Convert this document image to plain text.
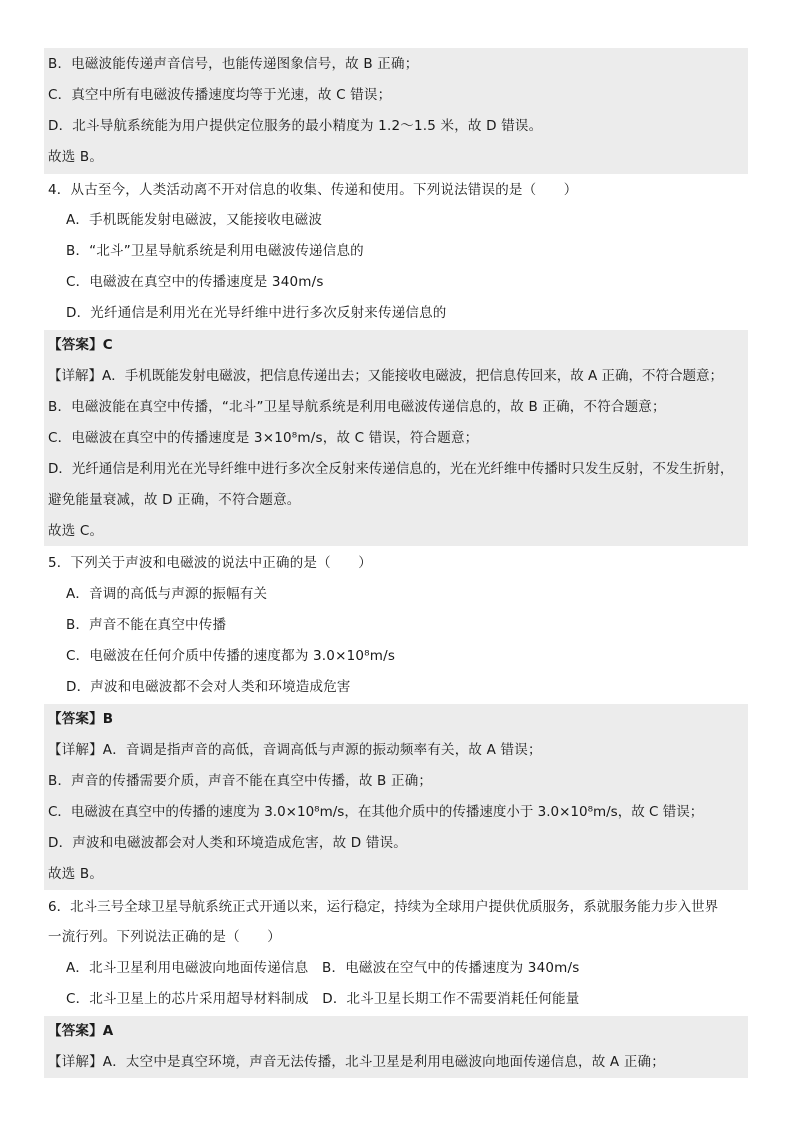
B．电磁波能传递声音信号，也能传递图象信号，故 B 正确；
C．真空中所有电磁波传播速度均等于光速，故 C 错误；
D．北斗导航系统能为用户提供定位服务的最小精度为 1.2～1.5 米，故 D 错误。
故选 B。
4．从古至今，人类活动离不开对信息的收集、传递和使用。下列说法错误的是（　　）
A．手机既能发射电磁波，又能接收电磁波
B．“北斗”卫星导航系统是利用电磁波传递信息的
C．电磁波在真空中的传播速度是 340m/s
D．光纤通信是利用光在光导纤维中进行多次反射来传递信息的
【答案】C
【详解】A．手机既能发射电磁波，把信息传递出去；又能接收电磁波，把信息传回来，故 A 正确，不符合题意；
B．电磁波能在真空中传播，“北斗”卫星导航系统是利用电磁波传递信息的，故 B 正确，不符合题意；
C．电磁波在真空中的传播速度是 3×10⁸m/s，故 C 错误，符合题意；
D．光纤通信是利用光在光导纤维中进行多次全反射来传递信息的，光在光纤维中传播时只发生反射，不发生折射，
避免能量衰减，故 D 正确，不符合题意。
故选 C。
5．下列关于声波和电磁波的说法中正确的是（　　）
A．音调的高低与声源的振幅有关
B．声音不能在真空中传播
C．电磁波在任何介质中传播的速度都为 3.0×10⁸m/s
D．声波和电磁波都不会对人类和环境造成危害
【答案】B
【详解】A．音调是指声音的高低，音调高低与声源的振动频率有关，故 A 错误；
B．声音的传播需要介质，声音不能在真空中传播，故 B 正确；
C．电磁波在真空中的传播的速度为 3.0×10⁸m/s，在其他介质中的传播速度小于 3.0×10⁸m/s，故 C 错误；
D．声波和电磁波都会对人类和环境造成危害，故 D 错误。
故选 B。
6．北斗三号全球卫星导航系统正式开通以来，运行稳定，持续为全球用户提供优质服务，系就服务能力步入世界
一流行列。下列说法正确的是（　　）
A．北斗卫星利用电磁波向地面传递信息　B．电磁波在空气中的传播速度为 340m/s
C．北斗卫星上的芯片采用超导材料制成　D．北斗卫星长期工作不需要消耗任何能量
【答案】A
【详解】A．太空中是真空环境，声音无法传播，北斗卫星是利用电磁波向地面传递信息，故 A 正确；
